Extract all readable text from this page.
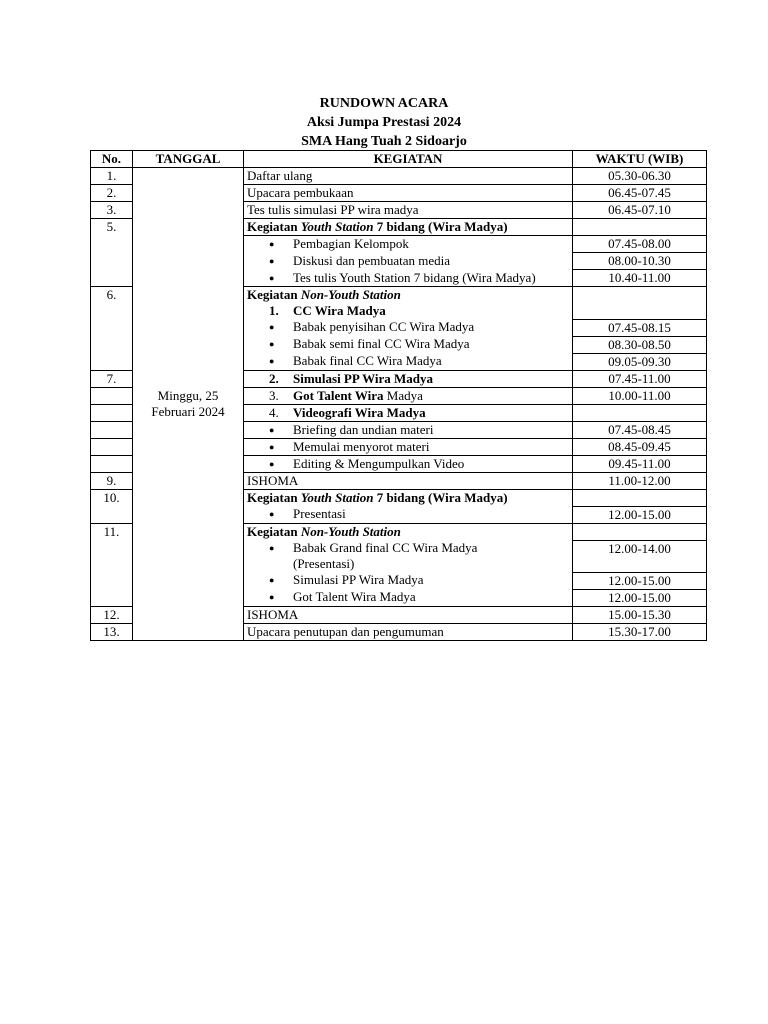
RUNDOWN ACARA
Aksi Jumpa Prestasi 2024
SMA Hang Tuah 2 Sidoarjo
No.	TANGGAL	KEGIATAN	WAKTU (WIB)
1.	Minggu, 25 Februari 2024	Daftar ulang	05.30-06.30
2.		Upacara pembukaan	06.45-07.45
3.		Tes tulis simulasi PP wira madya	06.45-07.10
5.		Kegiatan Youth Station 7 bidang (Wira Madya)	

		● Pembagian Kelompok	07.45-08.00

		● Diskusi dan pembuatan media	08.00-10.30

		● Tes tulis Youth Station 7 bidang (Wira Madya)	10.40-11.00
6.		Kegiatan Non-Youth Station	

		1. CC Wira Madya	

		● Babak penyisihan CC Wira Madya	07.45-08.15

		● Babak semi final CC Wira Madya	08.30-08.50

		● Babak final CC Wira Madya	09.05-09.30
7.		2. Simulasi PP Wira Madya	07.45-11.00

		3. Got Talent Wira Madya	10.00-11.00

		4. Videografi Wira Madya	

		● Briefing dan undian materi	07.45-08.45

		● Memulai menyorot materi	08.45-09.45

		● Editing & Mengumpulkan Video	09.45-11.00
9.		ISHOMA	11.00-12.00
10.		Kegiatan Youth Station 7 bidang (Wira Madya)	

		● Presentasi	12.00-15.00
11.		Kegiatan Non-Youth Station	

		● Babak Grand final CC Wira Madya	12.00-14.00

		(Presentasi)	

		● Simulasi PP Wira Madya	12.00-15.00

		● Got Talent Wira Madya	12.00-15.00
12.		ISHOMA	15.00-15.30
13.		Upacara penutupan dan pengumuman	15.30-17.00
